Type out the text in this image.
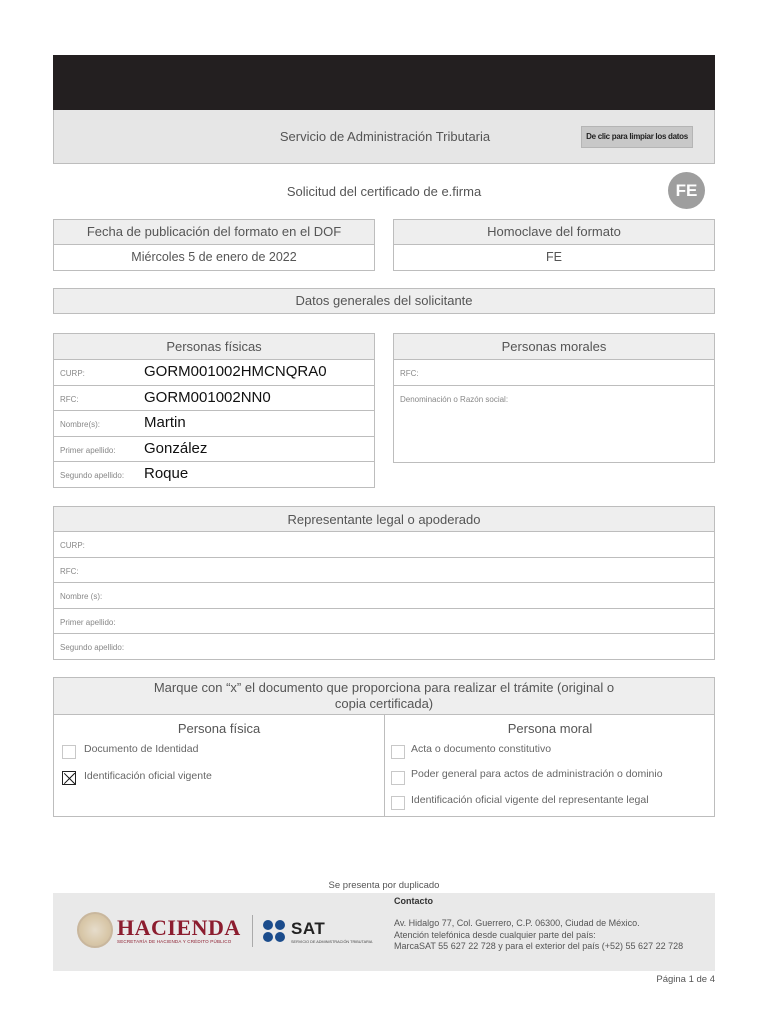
Servicio de Administración Tributaria	De clic para limpiar los datos
Solicitud del certificado de e.firma	FE
Fecha de publicación del formato en el DOF
Miércoles 5 de enero de 2022
Homoclave del formato
FE
Datos generales del solicitante
Personas físicas
CURP:	GORM001002HMCNQRA0
RFC:	GORM001002NN0
Nombre(s):	Martin
Primer apellido: González
Segundo apellido: Roque
Personas morales
RFC:
Denominación o Razón social:
Representante legal o apoderado
CURP:
RFC:
Nombre (s):
Primer apellido:
Segundo apellido:
Marque con “x” el documento que proporciona para realizar el trámite (original o
copia certificada)
Persona física	Persona moral
Documento de Identidad
Identificación oficial vigente
Acta o documento constitutivo
Poder general para actos de administración o dominio
Identificación oficial vigente del representante legal
Se presenta por duplicado
HACIENDA
SECRETARÍA DE HACIENDA Y CRÉDITO PÚBLICO
SAT
SERVICIO DE ADMINISTRACIÓN TRIBUTARIA
Contacto
Av. Hidalgo 77, Col. Guerrero, C.P. 06300, Ciudad de México.
Atención telefónica desde cualquier parte del país:
MarcaSAT 55 627 22 728 y para el exterior del país (+52) 55 627 22 728
Página 1 de 4
